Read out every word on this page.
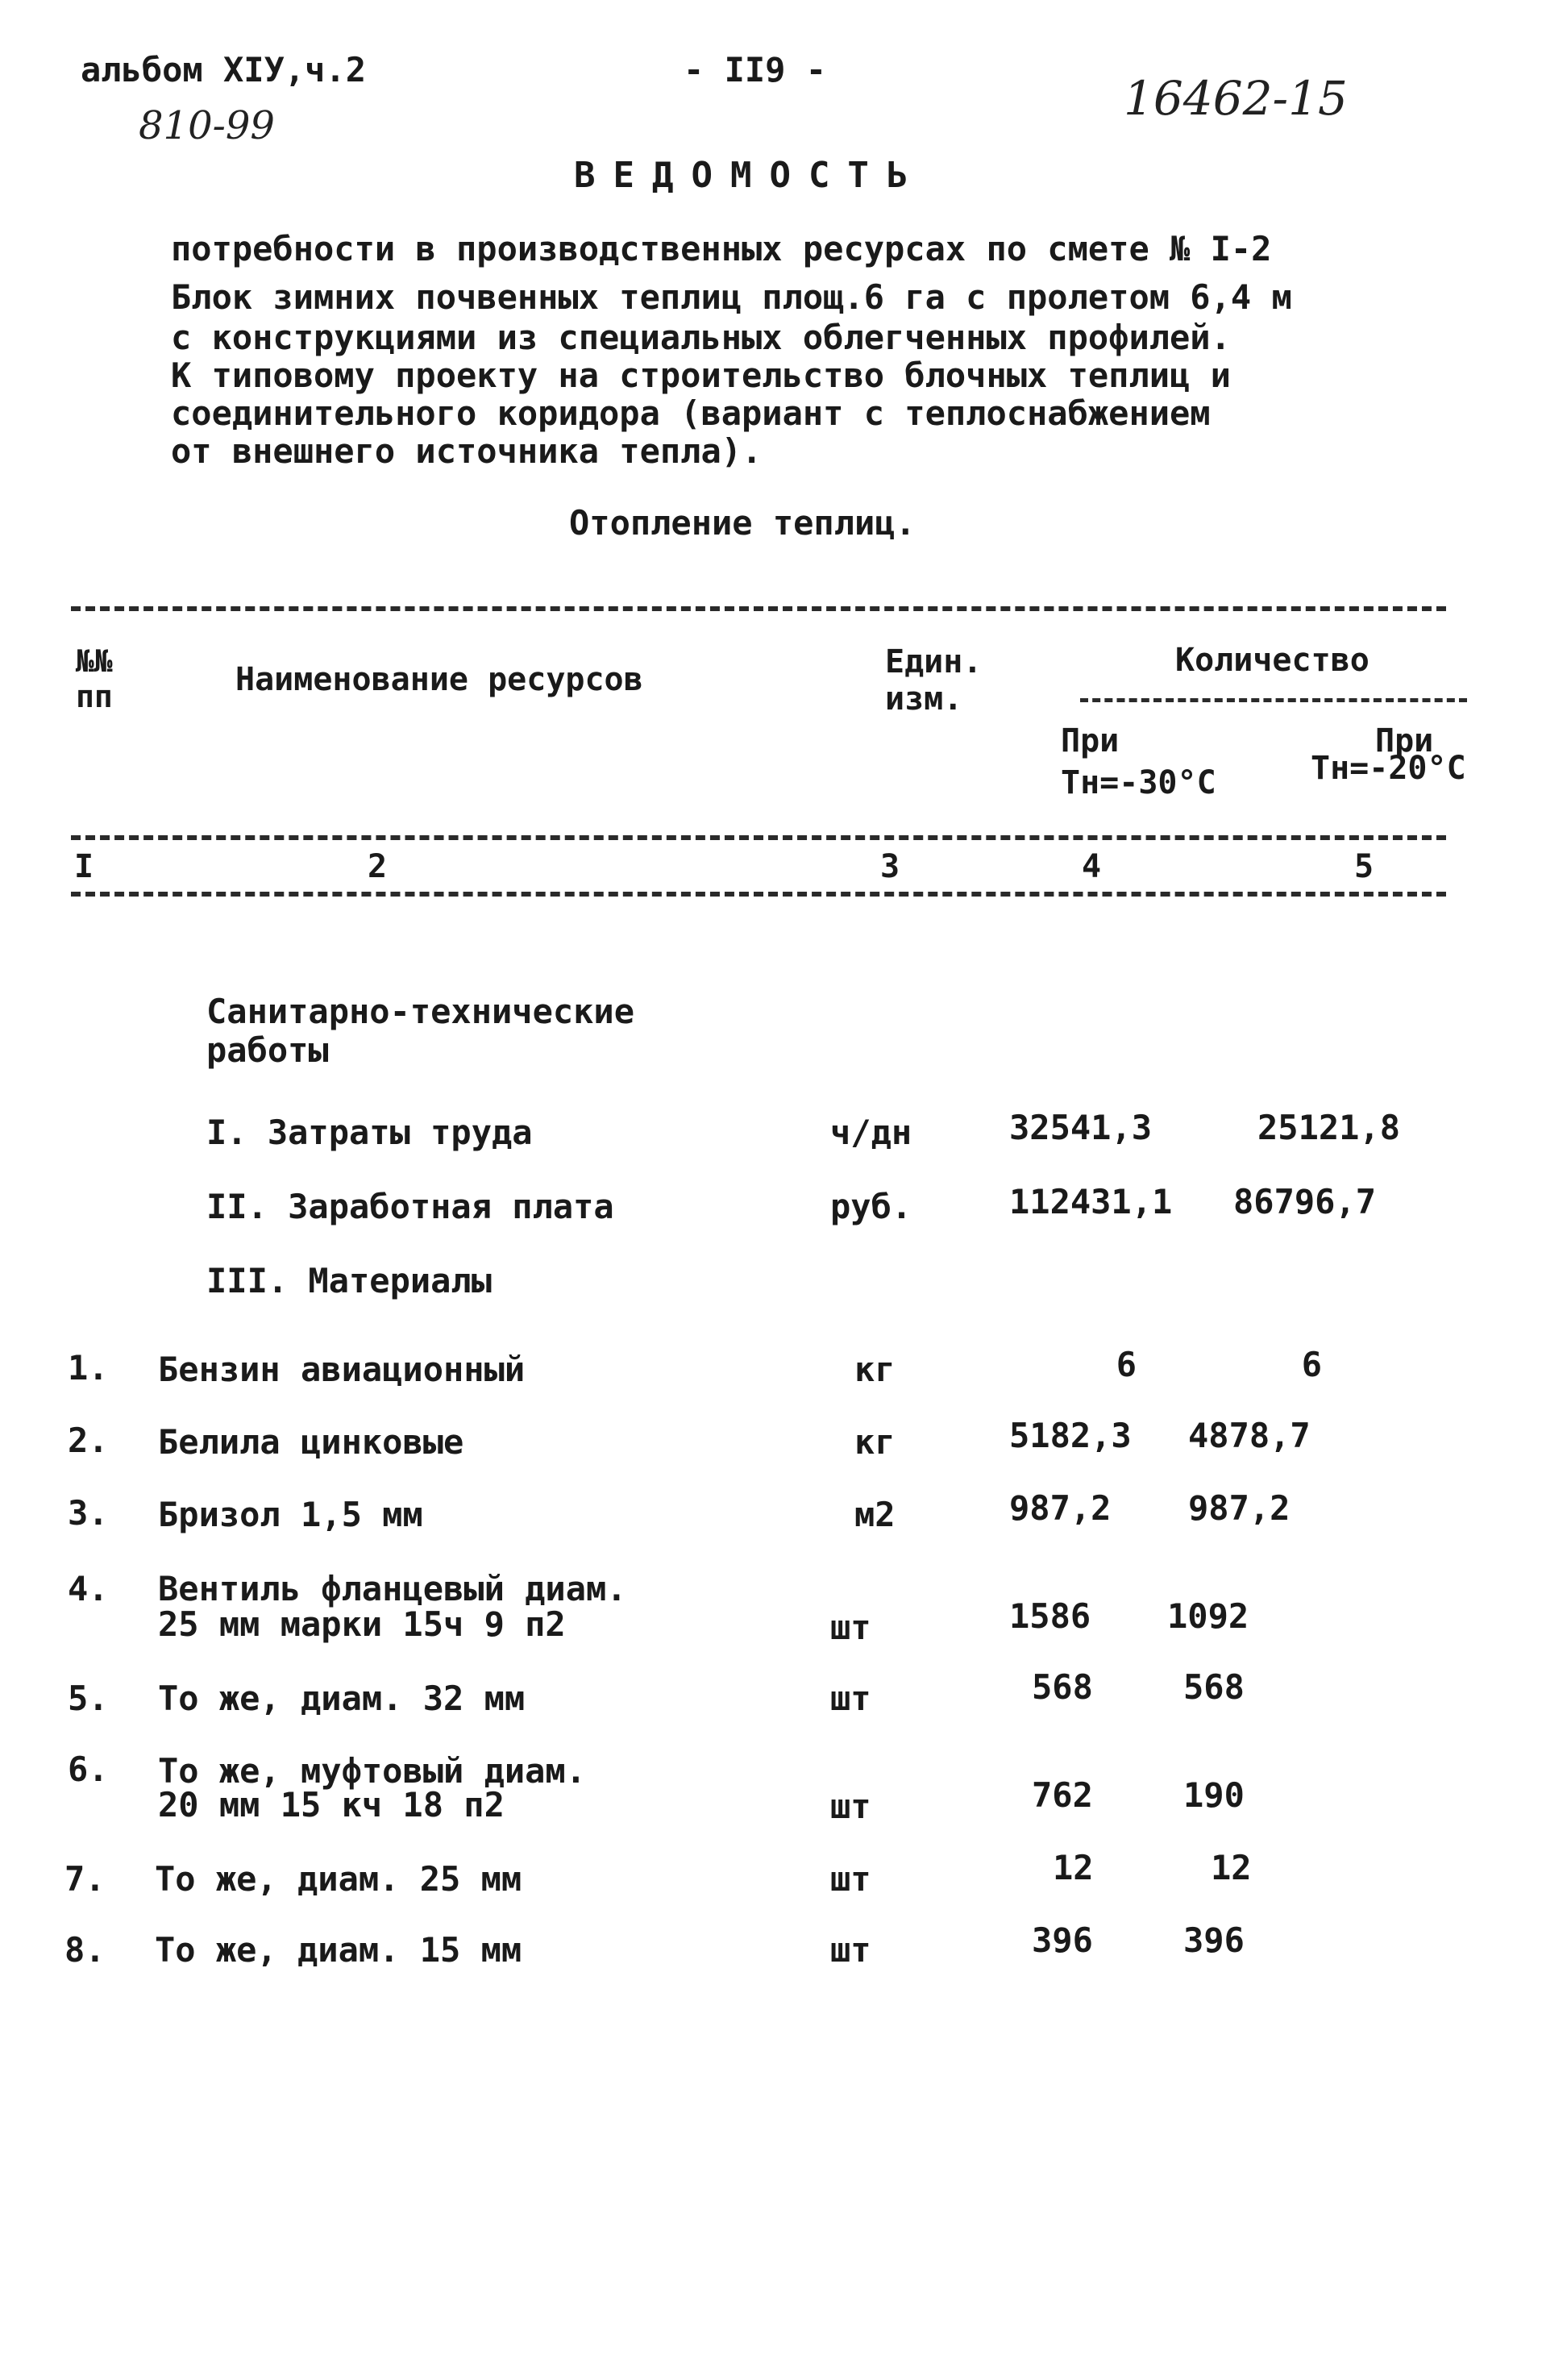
альбом XIУ,ч.2
810-99
- II9 -
16462-15
ВЕДОМОСТЬ
потребности в производственных ресурсах по смете № I-2
Блок зимних почвенных теплиц площ.6 га с пролетом 6,4 м
с конструкциями из специальных облегченных профилей.
К типовому проекту на строительство блочных теплиц и
соединительного коридора (вариант с теплоснабжением
от внешнего источника тепла).
Отопление теплиц.
№№
пп	Наименование ресурсов	Един.
изм.
Количество
При
Тн=-30°C
При
Тн=-20°C
I	2	3	4	5
Санитарно-технические
работы
I. Затраты труда	ч/дн	32541,3	25121,8
II. Заработная плата	руб.	112431,1 86796,7
III. Материалы
1. Бензин авиационный	кг	6	6
2. Белила цинковые	кг	5182,3 4878,7
3. Бризол 1,5 мм	м2	987,2 987,2
4. Вентиль фланцевый диам.
25 мм марки 15ч 9 п2	шт	1586 1092
5. То же, диам. 32 мм	шт	568	568
6. То же, муфтовый диам.
20 мм 15 кч 18 п2	шт	762	190
7. То же, диам. 25 мм	шт	12	12
8. То же, диам. 15 мм	шт	396	396
